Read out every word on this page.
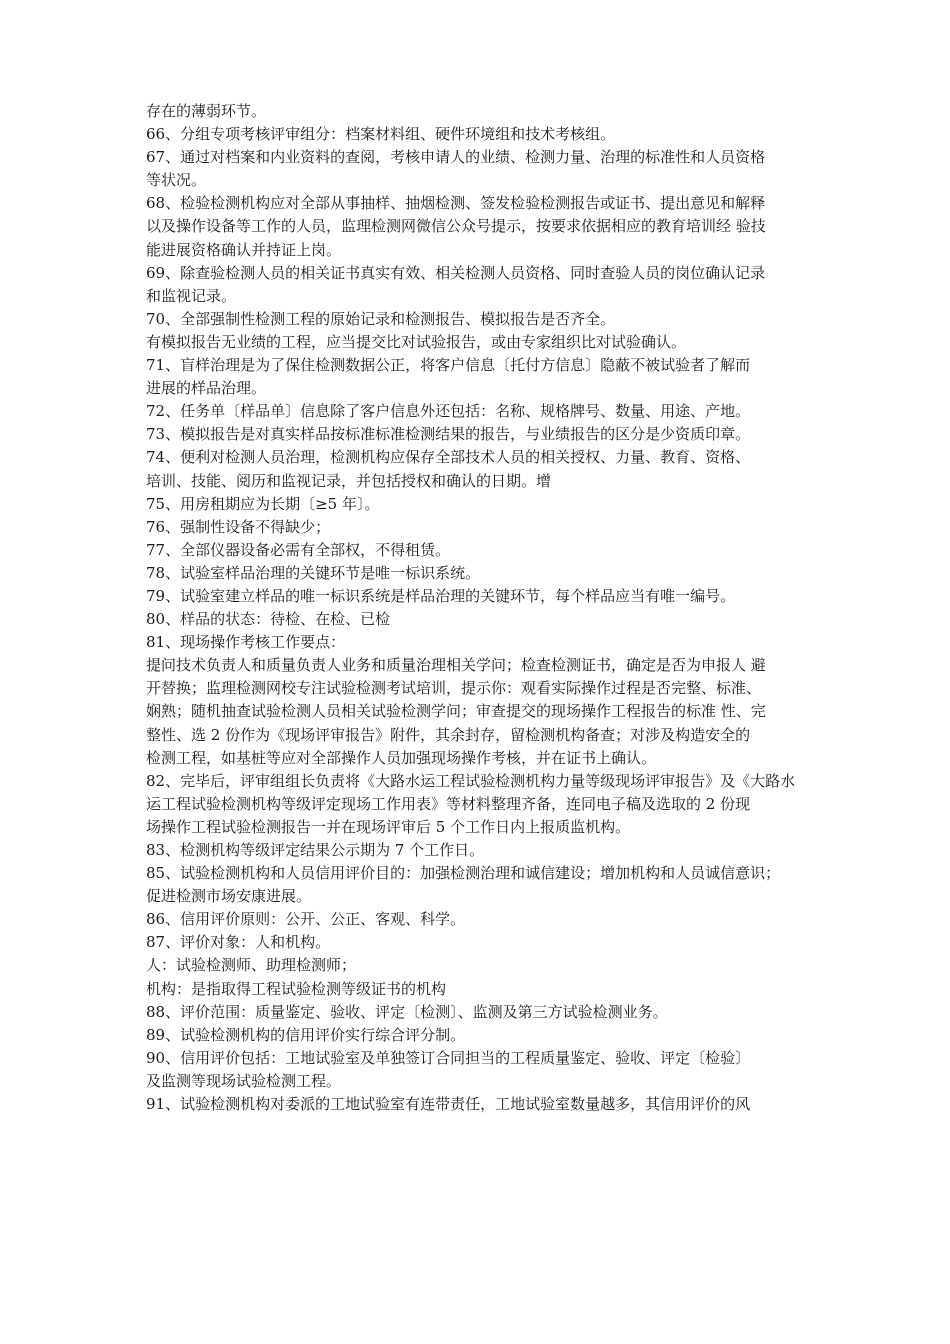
存在的薄弱环节。
66、分组专项考核评审组分：档案材料组、硬件环境组和技术考核组。
67、通过对档案和内业资料的查阅，考核申请人的业绩、检测力量、治理的标准性和人员资格
等状况。
68、检验检测机构应对全部从事抽样、抽烟检测、签发检验检测报告或证书、提出意见和解释
以及操作设备等工作的人员，监理检测网微信公众号提示，按要求依据相应的教育培训经 验技
能进展资格确认并持证上岗。
69、除查验检测人员的相关证书真实有效、相关检测人员资格、同时查验人员的岗位确认记录
和监视记录。
70、全部强制性检测工程的原始记录和检测报告、模拟报告是否齐全。
有模拟报告无业绩的工程，应当提交比对试验报告，或由专家组织比对试验确认。
71、盲样治理是为了保住检测数据公正，将客户信息〔托付方信息〕隐蔽不被试验者了解而
进展的样品治理。
72、任务单〔样品单〕信息除了客户信息外还包括：名称、规格牌号、数量、用途、产地。
73、模拟报告是对真实样品按标准标准检测结果的报告，与业绩报告的区分是少资质印章。
74、便利对检测人员治理，检测机构应保存全部技术人员的相关授权、力量、教育、资格、
培训、技能、阅历和监视记录，并包括授权和确认的日期。增
75、用房租期应为长期〔≥5 年〕。
76、强制性设备不得缺少；
77、全部仪器设备必需有全部权，不得租赁。
78、试验室样品治理的关键环节是唯一标识系统。
79、试验室建立样品的唯一标识系统是样品治理的关键环节，每个样品应当有唯一编号。
80、样品的状态：待检、在检、已检
81、现场操作考核工作要点：
提问技术负责人和质量负责人业务和质量治理相关学问；检查检测证书，确定是否为申报人 避
开替换；监理检测网校专注试验检测考试培训，提示你：观看实际操作过程是否完整、标准、
娴熟；随机抽查试验检测人员相关试验检测学问；审查提交的现场操作工程报告的标准 性、完
整性、选 2 份作为《现场评审报告》附件，其余封存，留检测机构备查；对涉及构造安全的
检测工程，如基桩等应对全部操作人员加强现场操作考核，并在证书上确认。
82、完毕后，评审组组长负责将《大路水运工程试验检测机构力量等级现场评审报告》及《大路水
运工程试验检测机构等级评定现场工作用表》等材料整理齐备，连同电子稿及选取的 2 份现
场操作工程试验检测报告一并在现场评审后 5 个工作日内上报质监机构。
83、检测机构等级评定结果公示期为 7 个工作日。
85、试验检测机构和人员信用评价目的：加强检测治理和诚信建设；增加机构和人员诚信意识；
促进检测市场安康进展。
86、信用评价原则：公开、公正、客观、科学。
87、评价对象：人和机构。
人：试验检测师、助理检测师；
机构：是指取得工程试验检测等级证书的机构
88、评价范围：质量鉴定、验收、评定〔检测〕、监测及第三方试验检测业务。
89、试验检测机构的信用评价实行综合评分制。
90、信用评价包括：工地试验室及单独签订合同担当的工程质量鉴定、验收、评定〔检验〕
及监测等现场试验检测工程。
91、试验检测机构对委派的工地试验室有连带责任，工地试验室数量越多，其信用评价的风
